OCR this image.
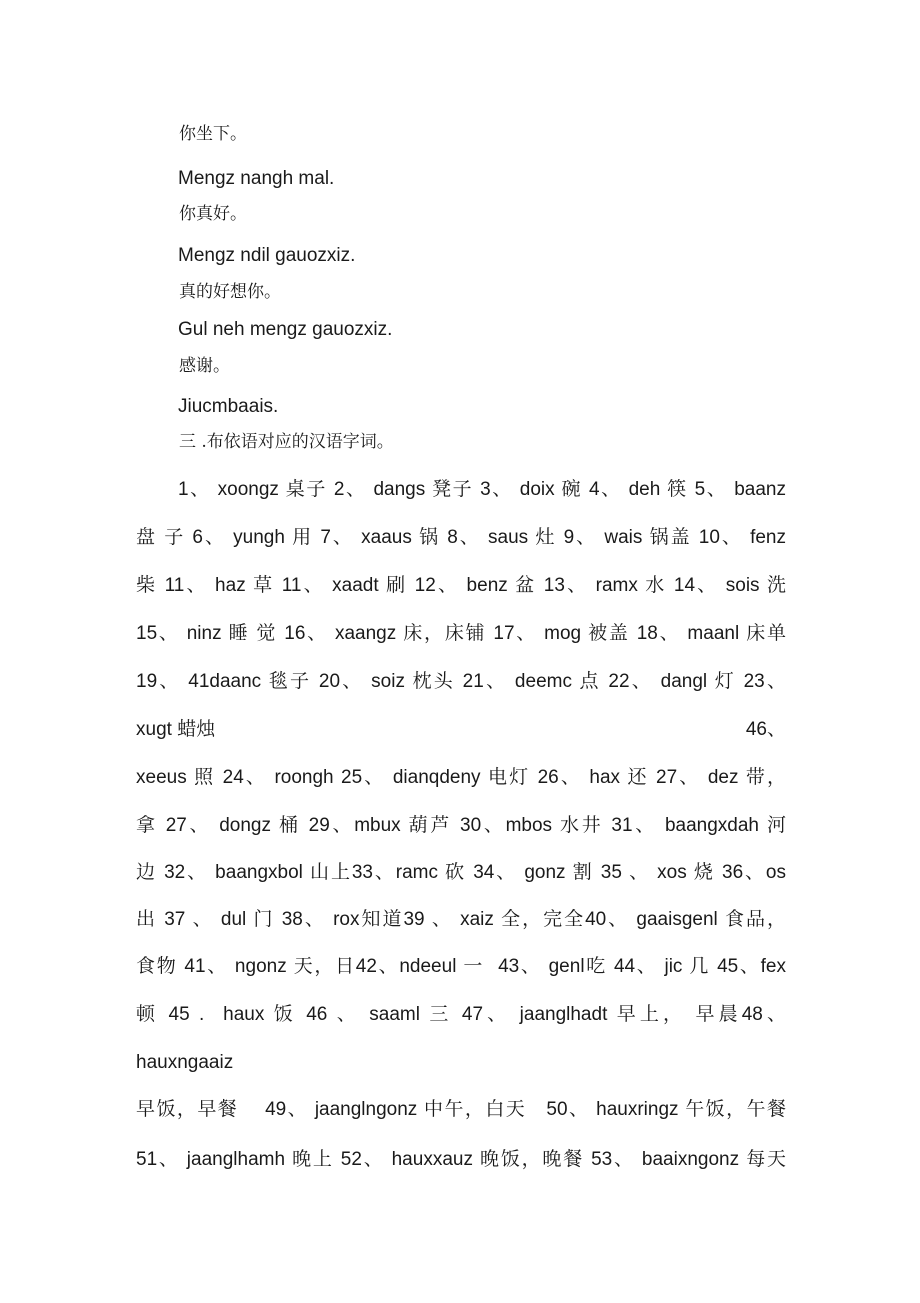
你坐下。
Mengz nangh mal.
你真好。
Mengz ndil gauozxiz.
真的好想你。
Gul neh mengz gauozxiz.
感谢。
Jiucmbaais.
三 .布依语对应的汉语字词。
1、 xoongz 桌子 2、 dangs 凳子 3、 doix 碗 4、 deh 筷 5、 baanz
盘 子 6、 yungh 用 7、 xaaus 锅 8、 saus 灶 9、 wais 锅盖 10、 fenz
柴 11、 haz 草 11、 xaadt 刷 12、 benz 盆 13、 ramx 水 14、 sois 洗
15、 ninz 睡 觉 16、 xaangz 床，床铺 17、 mog 被盖 18、 maanl 床单
19、 41daanc 毯子 20、 soiz 枕头 21、 deemc 点 22、 dangl 灯 23、
xugt 蜡烛	46、
xeeus 照 24、 roongh 25、 dianqdeny 电灯 26、 hax 还 27、 dez 带，
拿 27、 dongz 桶 29、mbux 葫芦 30、mbos 水井 31、 baangxdah 河
边 32、 baangxbol 山上33、ramc 砍 34、 gonz 割 35 、 xos 烧 36、os
出 37 、 dul 门 38、 rox知道39 、 xaiz 全，完全40、 gaaisgenl 食品，
食物 41、 ngonz 天，日42、ndeeul 一  43、 genl吃 44、 jic 几 45、fex
顿 45 .  haux 饭 46 、 saaml 三 47、 jaanglhadt 早上， 早晨48、
hauxngaaiz
早饭，早餐    49、 jaanglngonz 中午，白天   50、 hauxringz 午饭，午餐
51、 jaanglhamh 晚上 52、 hauxxauz 晚饭，晚餐 53、 baaixngonz 每天
